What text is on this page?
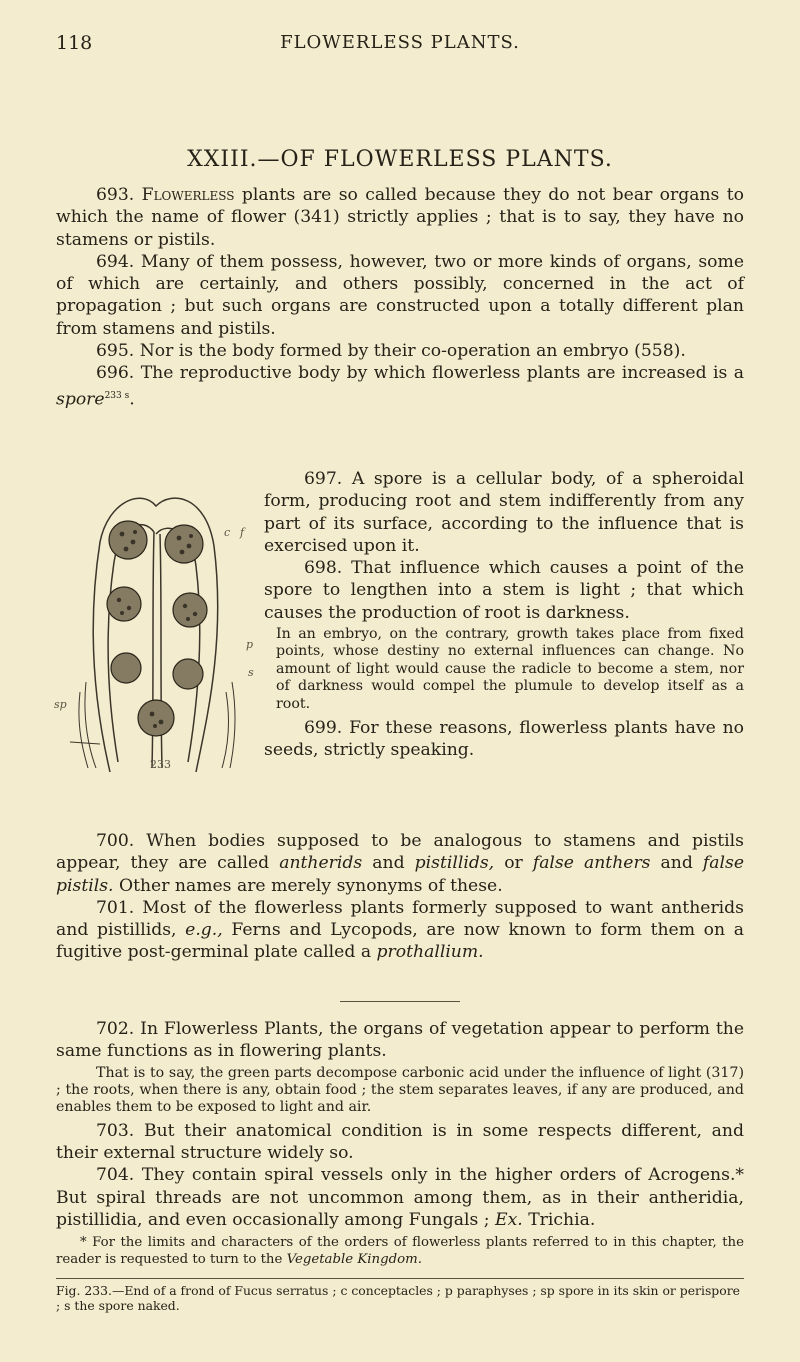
118	FLOWERLESS PLANTS.
XXIII.—OF FLOWERLESS PLANTS.

693. Flowerless plants are so called because they do not bear organs to which the name of flower (341) strictly applies ; that is to say, they have no stamens or pistils.

694. Many of them possess, however, two or more kinds of organs, some of which are certainly, and others possibly, concerned in the act of propagation ; but such organs are constructed upon a totally different plan from stamens and pistils.

695. Nor is the body formed by their co-operation an embryo (558).

696. The reproductive body by which flowerless plants are increased is a spore$^{233 s}$.

c f
p
s
sp
233

697. A spore is a cellular body, of a spheroidal form, producing root and stem indifferently from any part of its surface, according to the influence that is exercised upon it.

698. That influence which causes a point of the spore to lengthen into a stem is light ; that which causes the production of root is darkness.

In an embryo, on the contrary, growth takes place from fixed points, whose destiny no external influences can change. No amount of light would cause the radicle to become a stem, nor of darkness would compel the plumule to develop itself as a root.

699. For these reasons, flowerless plants have no seeds, strictly speaking.

700. When bodies supposed to be analogous to stamens and pistils appear, they are called antherids and pistillids, or false anthers and false pistils. Other names are merely synonyms of these.

701. Most of the flowerless plants formerly supposed to want antherids and pistillids, e.g., Ferns and Lycopods, are now known to form them on a fugitive post-germinal plate called a prothallium.

702. In Flowerless Plants, the organs of vegetation appear to perform the same functions as in flowering plants.

That is to say, the green parts decompose carbonic acid under the influence of light (317) ; the roots, when there is any, obtain food ; the stem separates leaves, if any are produced, and enables them to be exposed to light and air.

703. But their anatomical condition is in some respects different, and their external structure widely so.

704. They contain spiral vessels only in the higher orders of Acrogens.* But spiral threads are not uncommon among them, as in their antheridia, pistillidia, and even occasionally among Fungals ; Ex. Trichia.

* For the limits and characters of the orders of flowerless plants referred to in this chapter, the reader is requested to turn to the Vegetable Kingdom.

Fig. 233.—End of a frond of Fucus serratus ; c conceptacles ; p paraphyses ; sp spore in its skin or perispore ; s the spore naked.
